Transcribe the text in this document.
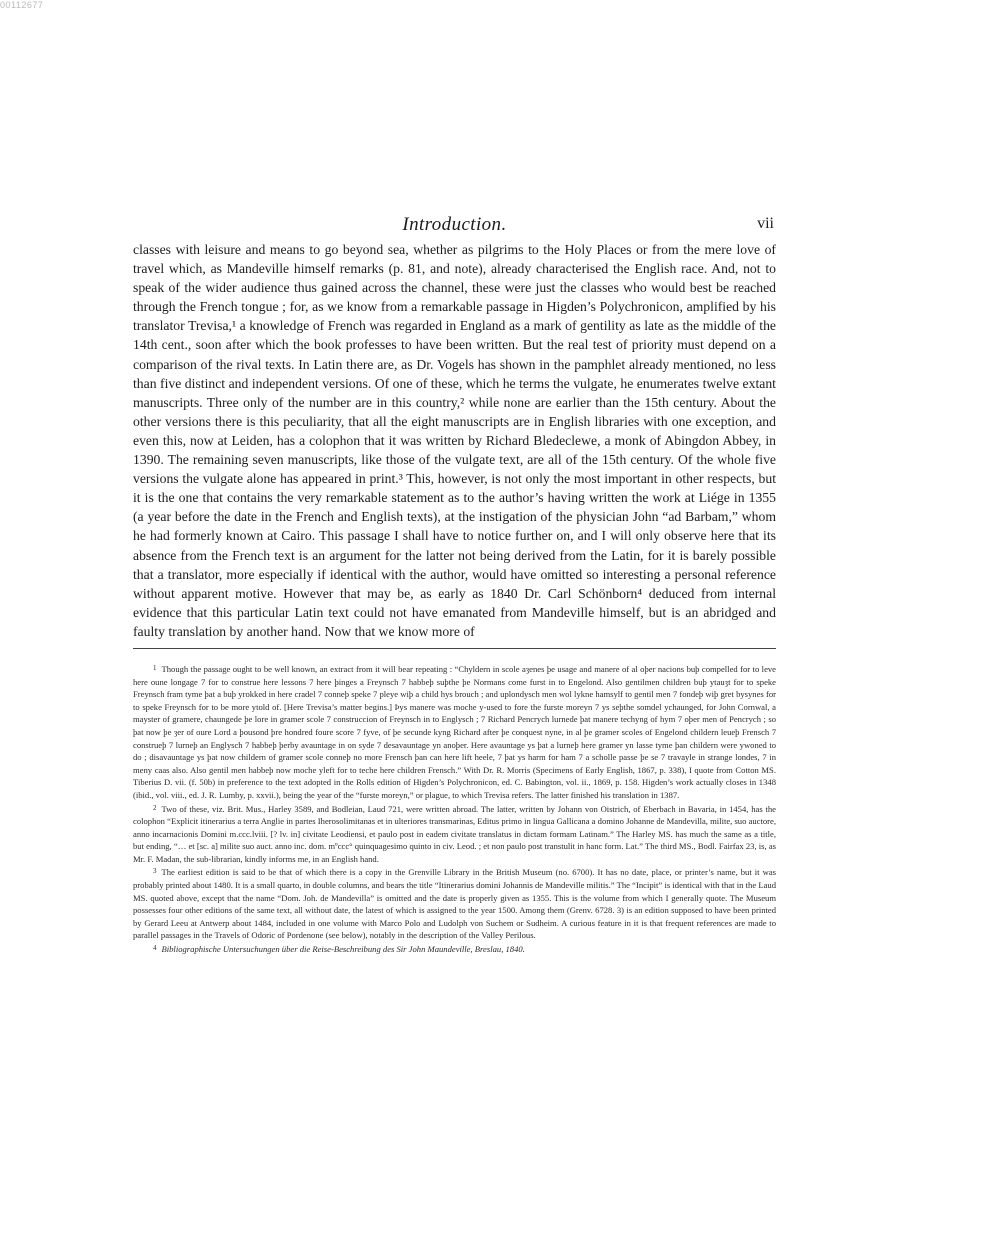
00112677
Introduction.	vii

classes with leisure and means to go beyond sea, whether as pilgrims to the Holy Places or from the mere love of travel which, as Mandeville himself remarks (p. 81, and note), already characterised the English race. And, not to speak of the wider audience thus gained across the channel, these were just the classes who would best be reached through the French tongue ; for, as we know from a remarkable passage in Higden’s Polychronicon, amplified by his translator Trevisa,¹ a knowledge of French was regarded in England as a mark of gentility as late as the middle of the 14th cent., soon after which the book professes to have been written. But the real test of priority must depend on a comparison of the rival texts. In Latin there are, as Dr. Vogels has shown in the pamphlet already mentioned, no less than five distinct and independent versions. Of one of these, which he terms the vulgate, he enumerates twelve extant manuscripts. Three only of the number are in this country,² while none are earlier than the 15th century. About the other versions there is this peculiarity, that all the eight manuscripts are in English libraries with one exception, and even this, now at Leiden, has a colophon that it was written by Richard Bledeclewe, a monk of Abingdon Abbey, in 1390. The remaining seven manuscripts, like those of the vulgate text, are all of the 15th century. Of the whole five versions the vulgate alone has appeared in print.³ This, however, is not only the most important in other respects, but it is the one that contains the very remarkable statement as to the author’s having written the work at Liége in 1355 (a year before the date in the French and English texts), at the instigation of the physician John “ad Barbam,” whom he had formerly known at Cairo. This passage I shall have to notice further on, and I will only observe here that its absence from the French text is an argument for the latter not being derived from the Latin, for it is barely possible that a translator, more especially if identical with the author, would have omitted so interesting a personal reference without apparent motive. However that may be, as early as 1840 Dr. Carl Schönborn⁴ deduced from internal evidence that this particular Latin text could not have emanated from Mandeville himself, but is an abridged and faulty translation by another hand. Now that we know more of

$^1$ Though the passage ought to be well known, an extract from it will bear repeating : “Chyldern in scole aȝenes þe usage and manere of al oþer nacions buþ compelled for to leve here oune longage 7 for to construe here lessons 7 here þinges a Freynsch 7 habbeþ suþthe þe Normans come furst in to Engelond. Also gentilmen children buþ ytauȝt for to speke Freynsch fram tyme þat a buþ yrokked in here cradel 7 conneþ speke 7 pleye wiþ a child hys brouch ; and uplondysch men wol lykne hamsylf to gentil men 7 fondeþ wiþ gret bysynes for to speke Freynsch for to be more ytold of. [Here Trevisa’s matter begins.] Þys manere was moche y-used to fore the furste moreyn 7 ys seþthe somdel ychaunged, for John Cornwal, a mayster of gramere, chaungede þe lore in gramer scole 7 construccion of Freynsch in to Englysch ; 7 Richard Pencrych lurnede þat manere techyng of hym 7 oþer men of Pencrych ; so þat now þe ȝer of oure Lord a þousond þre hondred foure score 7 fyve, of þe secunde kyng Richard after þe conquest nyne, in al þe gramer scoles of Engelond childern leueþ Frensch 7 construeþ 7 lurneþ an Englysch 7 habbeþ þerby avauntage in on syde 7 desavauntage yn anoþer. Here avauntage ys þat a lurneþ here gramer yn lasse tyme þan childern were ywoned to do ; disavauntage ys þat now childern of gramer scole conneþ no more Frensch þan can here lift heele, 7 þat ys harm for ham 7 a scholle passe þe se 7 travayle in strange londes, 7 in meny caas also. Also gentil men habbeþ now moche yleft for to teche here children Frensch.” With Dr. R. Morris (Specimens of Early English, 1867, p. 338), I quote from Cotton MS. Tiberius D. vii. (f. 50b) in preference to the text adopted in the Rolls edition of Higden’s Polychronicon, ed. C. Babington, vol. ii., 1869, p. 158. Higden’s work actually closes in 1348 (ibid., vol. viii., ed. J. R. Lumby, p. xxvii.), being the year of the “furste moreyn,” or plague, to which Trevisa refers. The latter finished his translation in 1387.

$^2$ Two of these, viz. Brit. Mus., Harley 3589, and Bodleian, Laud 721, were written abroad. The latter, written by Johann von Oistrich, of Eberbach in Bavaria, in 1454, has the colophon “Explicit itinerarius a terra Anglie in partes Iherosolimitanas et in ulteriores transmarinas, Editus primo in lingua Gallicana a domino Johanne de Mandevilla, milite, suo auctore, anno incarnacionis Domini m.ccc.lviii. [? lv. in] civitate Leodiensi, et paulo post in eadem civitate translatus in dictam formam Latinam.” The Harley MS. has much the same as a title, but ending, “… et [sc. a] milite suo auct. anno inc. dom. mºccc° quinquagesimo quinto in civ. Leod. ; et non paulo post transtulit in hanc form. Lat.” The third MS., Bodl. Fairfax 23, is, as Mr. F. Madan, the sub-librarian, kindly informs me, in an English hand.

$^3$ The earliest edition is said to be that of which there is a copy in the Grenville Library in the British Museum (no. 6700). It has no date, place, or printer’s name, but it was probably printed about 1480. It is a small quarto, in double columns, and bears the title “Itinerarius domini Johannis de Mandeville militis.” The “Incipit” is identical with that in the Laud MS. quoted above, except that the name “Dom. Joh. de Mandevilla” is omitted and the date is properly given as 1355. This is the volume from which I generally quote. The Museum possesses four other editions of the same text, all without date, the latest of which is assigned to the year 1500. Among them (Grenv. 6728. 3) is an edition supposed to have been printed by Gerard Leeu at Antwerp about 1484, included in one volume with Marco Polo and Ludolph von Suchem or Sudheim. A curious feature in it is that frequent references are made to parallel passages in the Travels of Odoric of Pordenone (see below), notably in the description of the Valley Perilous.

$^4$ Bibliographische Untersuchungen über die Reise-Beschreibung des Sir John Maundeville, Breslau, 1840.
